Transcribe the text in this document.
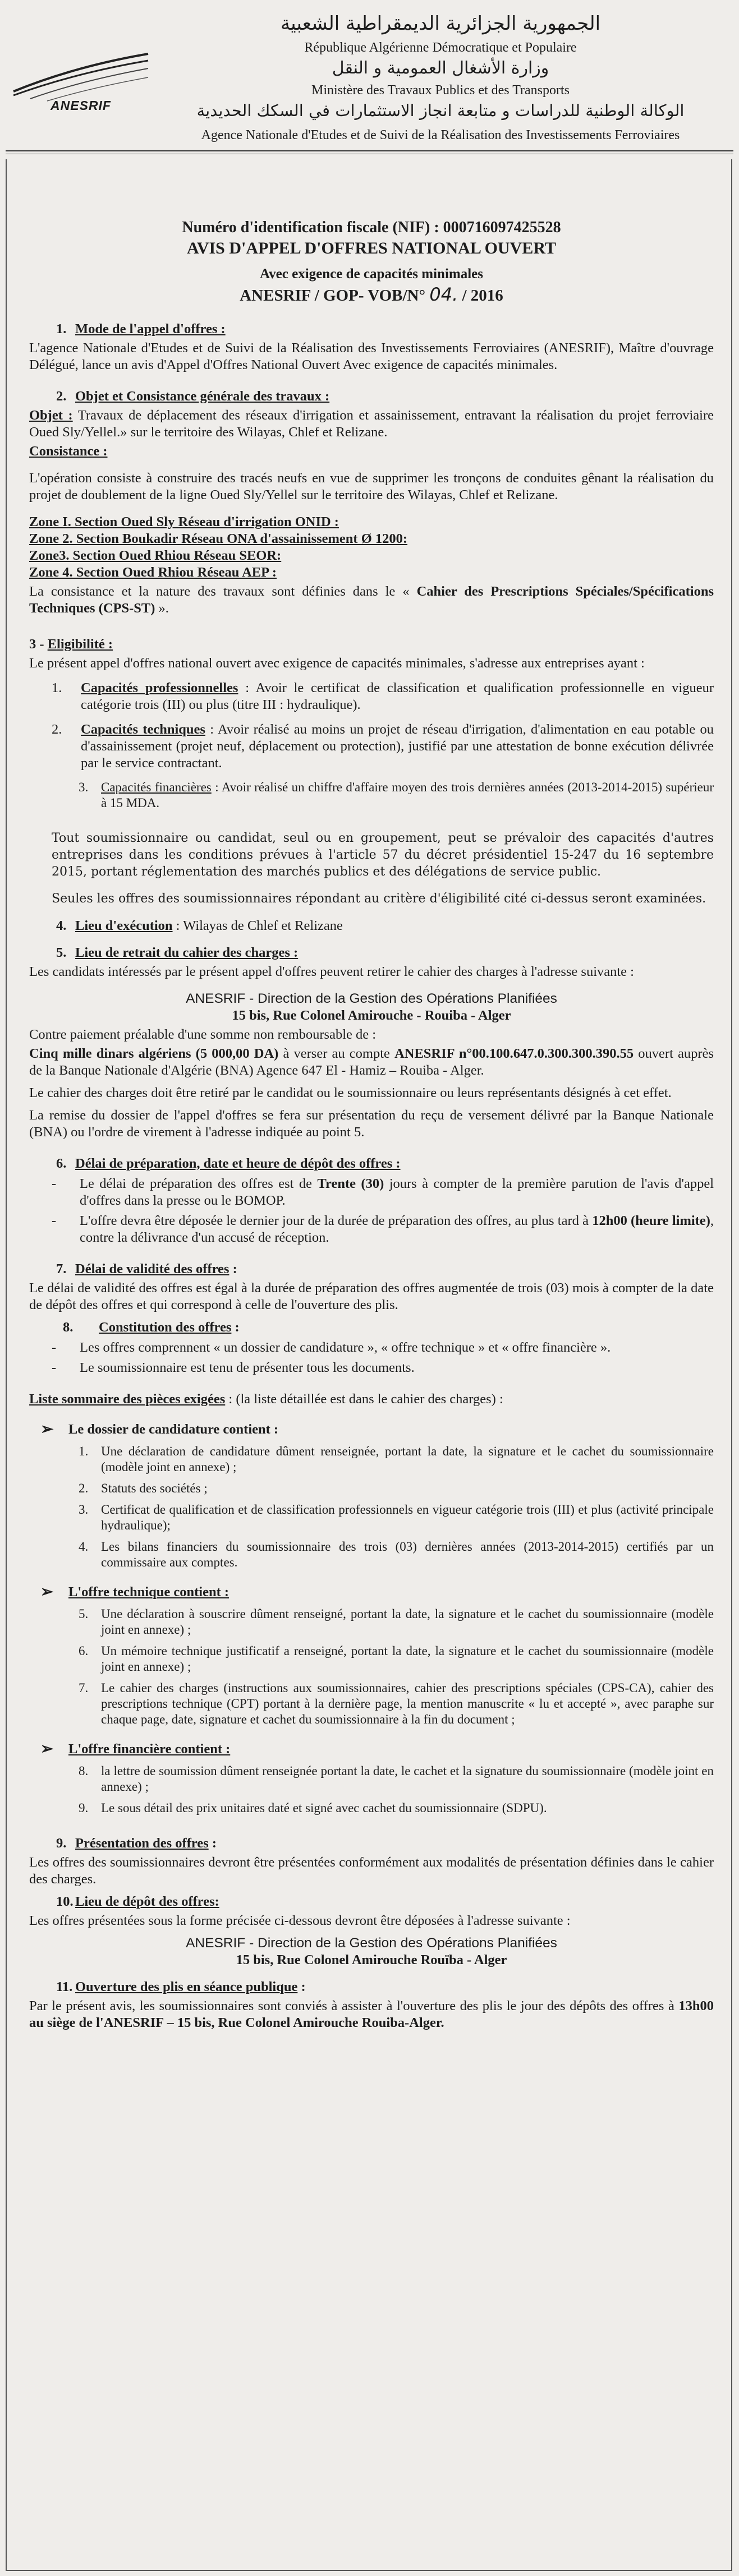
ANESRIF
الجمهورية الجزائرية الديمقراطية الشعبية
République Algérienne Démocratique et Populaire
وزارة الأشغال العمومية و النقل
Ministère des Travaux Publics et des Transports
الوكالة الوطنية للدراسات و متابعة انجاز الاستثمارات في السكك الحديدية
Agence Nationale d'Etudes et de Suivi de la Réalisation des Investissements Ferroviaires
Numéro d'identification fiscale (NIF) : 000716097425528
AVIS D'APPEL D'OFFRES NATIONAL OUVERT
Avec exigence de capacités minimales
ANESRIF / GOP- VOB/N° 04. / 2016
1. Mode de l'appel d'offres :
L'agence Nationale d'Etudes et de Suivi de la Réalisation des Investissements Ferroviaires (ANESRIF), Maître d'ouvrage Délégué, lance un avis d'Appel d'Offres National Ouvert Avec exigence de capacités minimales.
2. Objet et Consistance générale des travaux :
Objet : Travaux de déplacement des réseaux d'irrigation et assainissement, entravant la réalisation du projet ferroviaire Oued Sly/Yellel.» sur le territoire des Wilayas, Chlef et Relizane.
Consistance :
L'opération consiste à construire des tracés neufs en vue de supprimer les tronçons de conduites gênant la réalisation du projet de doublement de la ligne Oued Sly/Yellel sur le territoire des Wilayas, Chlef et Relizane.
Zone I. Section Oued Sly Réseau d'irrigation ONID :
Zone 2. Section Boukadir Réseau ONA d'assainissement Ø 1200:
Zone3. Section Oued Rhiou Réseau SEOR:
Zone 4. Section Oued Rhiou Réseau AEP :
La consistance et la nature des travaux sont définies dans le « Cahier des Prescriptions Spéciales/Spécifications Techniques (CPS-ST) ».
3 - Eligibilité :
Le présent appel d'offres national ouvert avec exigence de capacités minimales, s'adresse aux entreprises ayant :
1. Capacités professionnelles : Avoir le certificat de classification et qualification professionnelle en vigueur catégorie trois (III) ou plus (titre III : hydraulique).
2. Capacités techniques : Avoir réalisé au moins un projet de réseau d'irrigation, d'alimentation en eau potable ou d'assainissement (projet neuf, déplacement ou protection), justifié par une attestation de bonne exécution délivrée par le service contractant.
3. Capacités financières : Avoir réalisé un chiffre d'affaire moyen des trois dernières années (2013-2014-2015) supérieur à 15 MDA.
Tout soumissionnaire ou candidat, seul ou en groupement, peut se prévaloir des capacités d'autres entreprises dans les conditions prévues à l'article 57 du décret présidentiel 15-247 du 16 septembre 2015, portant réglementation des marchés publics et des délégations de service public.
Seules les offres des soumissionnaires répondant au critère d'éligibilité cité ci-dessus seront examinées.
4. Lieu d'exécution : Wilayas de Chlef et Relizane
5. Lieu de retrait du cahier des charges :
Les candidats intéressés par le présent appel d'offres peuvent retirer le cahier des charges à l'adresse suivante :
ANESRIF - Direction de la Gestion des Opérations Planifiées
15 bis, Rue Colonel Amirouche - Rouiba - Alger
Contre paiement préalable d'une somme non remboursable de :
Cinq mille dinars algériens (5 000,00 DA) à verser au compte ANESRIF n°00.100.647.0.300.300.390.55 ouvert auprès de la Banque Nationale d'Algérie (BNA) Agence 647 El - Hamiz – Rouiba - Alger.
Le cahier des charges doit être retiré par le candidat ou le soumissionnaire ou leurs représentants désignés à cet effet.
La remise du dossier de l'appel d'offres se fera sur présentation du reçu de versement délivré par la Banque Nationale (BNA) ou l'ordre de virement à l'adresse indiquée au point 5.
6. Délai de préparation, date et heure de dépôt des offres :
- Le délai de préparation des offres est de Trente (30) jours à compter de la première parution de l'avis d'appel d'offres dans la presse ou le BOMOP.
- L'offre devra être déposée le dernier jour de la durée de préparation des offres, au plus tard à 12h00 (heure limite), contre la délivrance d'un accusé de réception.
7. Délai de validité des offres :
Le délai de validité des offres est égal à la durée de préparation des offres augmentée de trois (03) mois à compter de la date de dépôt des offres et qui correspond à celle de l'ouverture des plis.
8. Constitution des offres :
- Les offres comprennent « un dossier de candidature », « offre technique » et « offre financière ».
- Le soumissionnaire est tenu de présenter tous les documents.
Liste sommaire des pièces exigées : (la liste détaillée est dans le cahier des charges) :
➢ Le dossier de candidature contient :
1. Une déclaration de candidature dûment renseignée, portant la date, la signature et le cachet du soumissionnaire (modèle joint en annexe) ;
2. Statuts des sociétés ;
3. Certificat de qualification et de classification professionnels en vigueur catégorie trois (III) et plus (activité principale hydraulique);
4. Les bilans financiers du soumissionnaire des trois (03) dernières années (2013-2014-2015) certifiés par un commissaire aux comptes.
➢ L'offre technique contient :
5. Une déclaration à souscrire dûment renseigné, portant la date, la signature et le cachet du soumissionnaire (modèle joint en annexe) ;
6. Un mémoire technique justificatif a renseigné, portant la date, la signature et le cachet du soumissionnaire (modèle joint en annexe) ;
7. Le cahier des charges (instructions aux soumissionnaires, cahier des prescriptions spéciales (CPS-CA), cahier des prescriptions technique (CPT) portant à la dernière page, la mention manuscrite « lu et accepté », avec paraphe sur chaque page, date, signature et cachet du soumissionnaire à la fin du document ;
➢ L'offre financière contient :
8. la lettre de soumission dûment renseignée portant la date, le cachet et la signature du soumissionnaire (modèle joint en annexe) ;
9. Le sous détail des prix unitaires daté et signé avec cachet du soumissionnaire (SDPU).
9. Présentation des offres :
Les offres des soumissionnaires devront être présentées conformément aux modalités de présentation définies dans le cahier des charges.
10. Lieu de dépôt des offres:
Les offres présentées sous la forme précisée ci-dessous devront être déposées à l'adresse suivante :
ANESRIF - Direction de la Gestion des Opérations Planifiées
15 bis, Rue Colonel Amirouche Rouïba - Alger
11. Ouverture des plis en séance publique :
Par le présent avis, les soumissionnaires sont conviés à assister à l'ouverture des plis le jour des dépôts des offres à 13h00 au siège de l'ANESRIF – 15 bis, Rue Colonel Amirouche Rouiba-Alger.
